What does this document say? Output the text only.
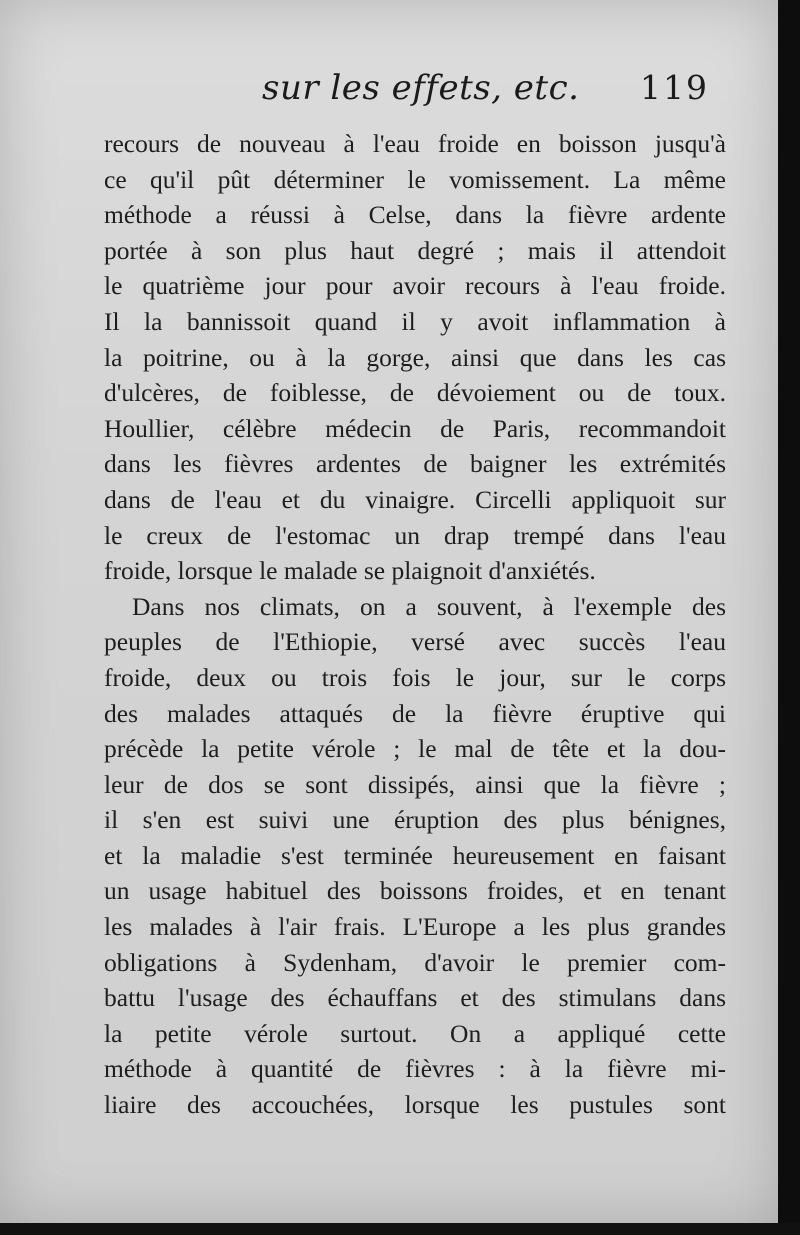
sur les effets, etc. 119
recours de nouveau à l'eau froide en boisson jusqu'à
ce qu'il pût déterminer le vomissement. La même
méthode a réussi à Celse, dans la fièvre ardente
portée à son plus haut degré ; mais il attendoit
le quatrième jour pour avoir recours à l'eau froide.
Il la bannissoit quand il y avoit inflammation à
la poitrine, ou à la gorge, ainsi que dans les cas
d'ulcères, de foiblesse, de dévoiement ou de toux.
Houllier, célèbre médecin de Paris, recommandoit
dans les fièvres ardentes de baigner les extrémités
dans de l'eau et du vinaigre. Circelli appliquoit sur
le creux de l'estomac un drap trempé dans l'eau
froide, lorsque le malade se plaignoit d'anxiétés.
Dans nos climats, on a souvent, à l'exemple des
peuples de l'Ethiopie, versé avec succès l'eau
froide, deux ou trois fois le jour, sur le corps
des malades attaqués de la fièvre éruptive qui
précède la petite vérole ; le mal de tête et la dou-
leur de dos se sont dissipés, ainsi que la fièvre ;
il s'en est suivi une éruption des plus bénignes,
et la maladie s'est terminée heureusement en faisant
un usage habituel des boissons froides, et en tenant
les malades à l'air frais. L'Europe a les plus grandes
obligations à Sydenham, d'avoir le premier com-
battu l'usage des échauffans et des stimulans dans
la petite vérole surtout. On a appliqué cette
méthode à quantité de fièvres : à la fièvre mi-
liaire des accouchées, lorsque les pustules sont
